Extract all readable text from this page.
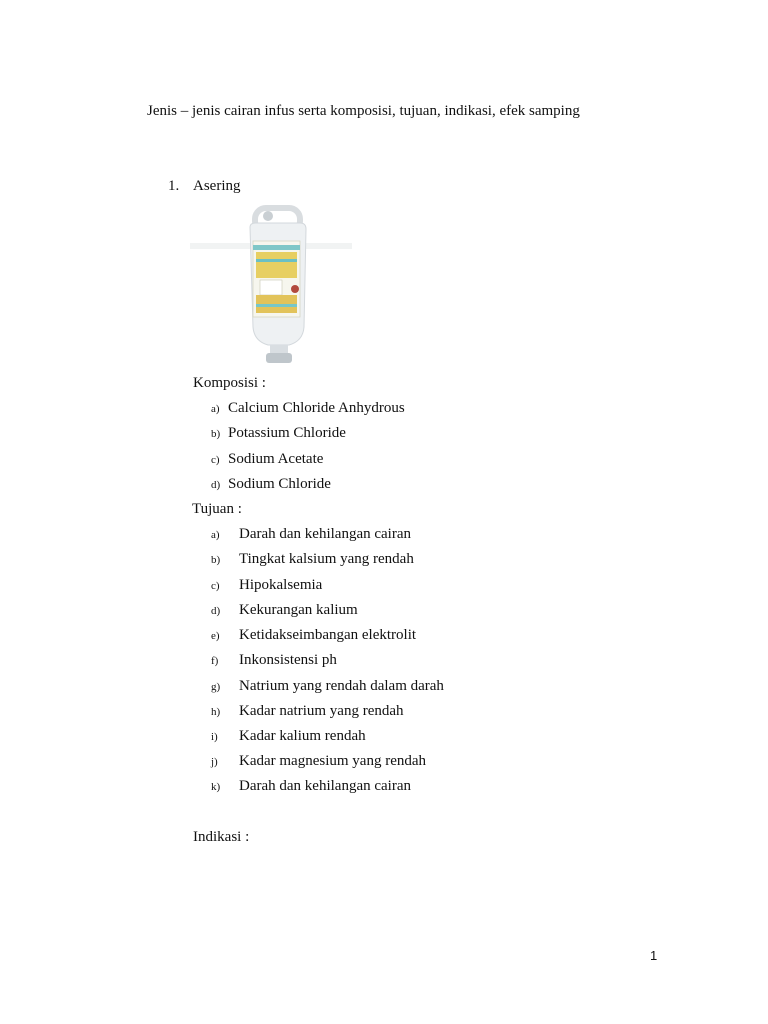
Jenis – jenis cairan infus serta komposisi, tujuan, indikasi, efek samping
1. Asering
Komposisi :
a) Calcium Chloride Anhydrous
b) Potassium Chloride
c) Sodium Acetate
d) Sodium Chloride
Tujuan :
a) Darah dan kehilangan cairan
b) Tingkat kalsium yang rendah
c) Hipokalsemia
d) Kekurangan kalium
e) Ketidakseimbangan elektrolit
f) Inkonsistensi ph
g) Natrium yang rendah dalam darah
h) Kadar natrium yang rendah
i) Kadar kalium rendah
j) Kadar magnesium yang rendah
k) Darah dan kehilangan cairan
Indikasi :
1
